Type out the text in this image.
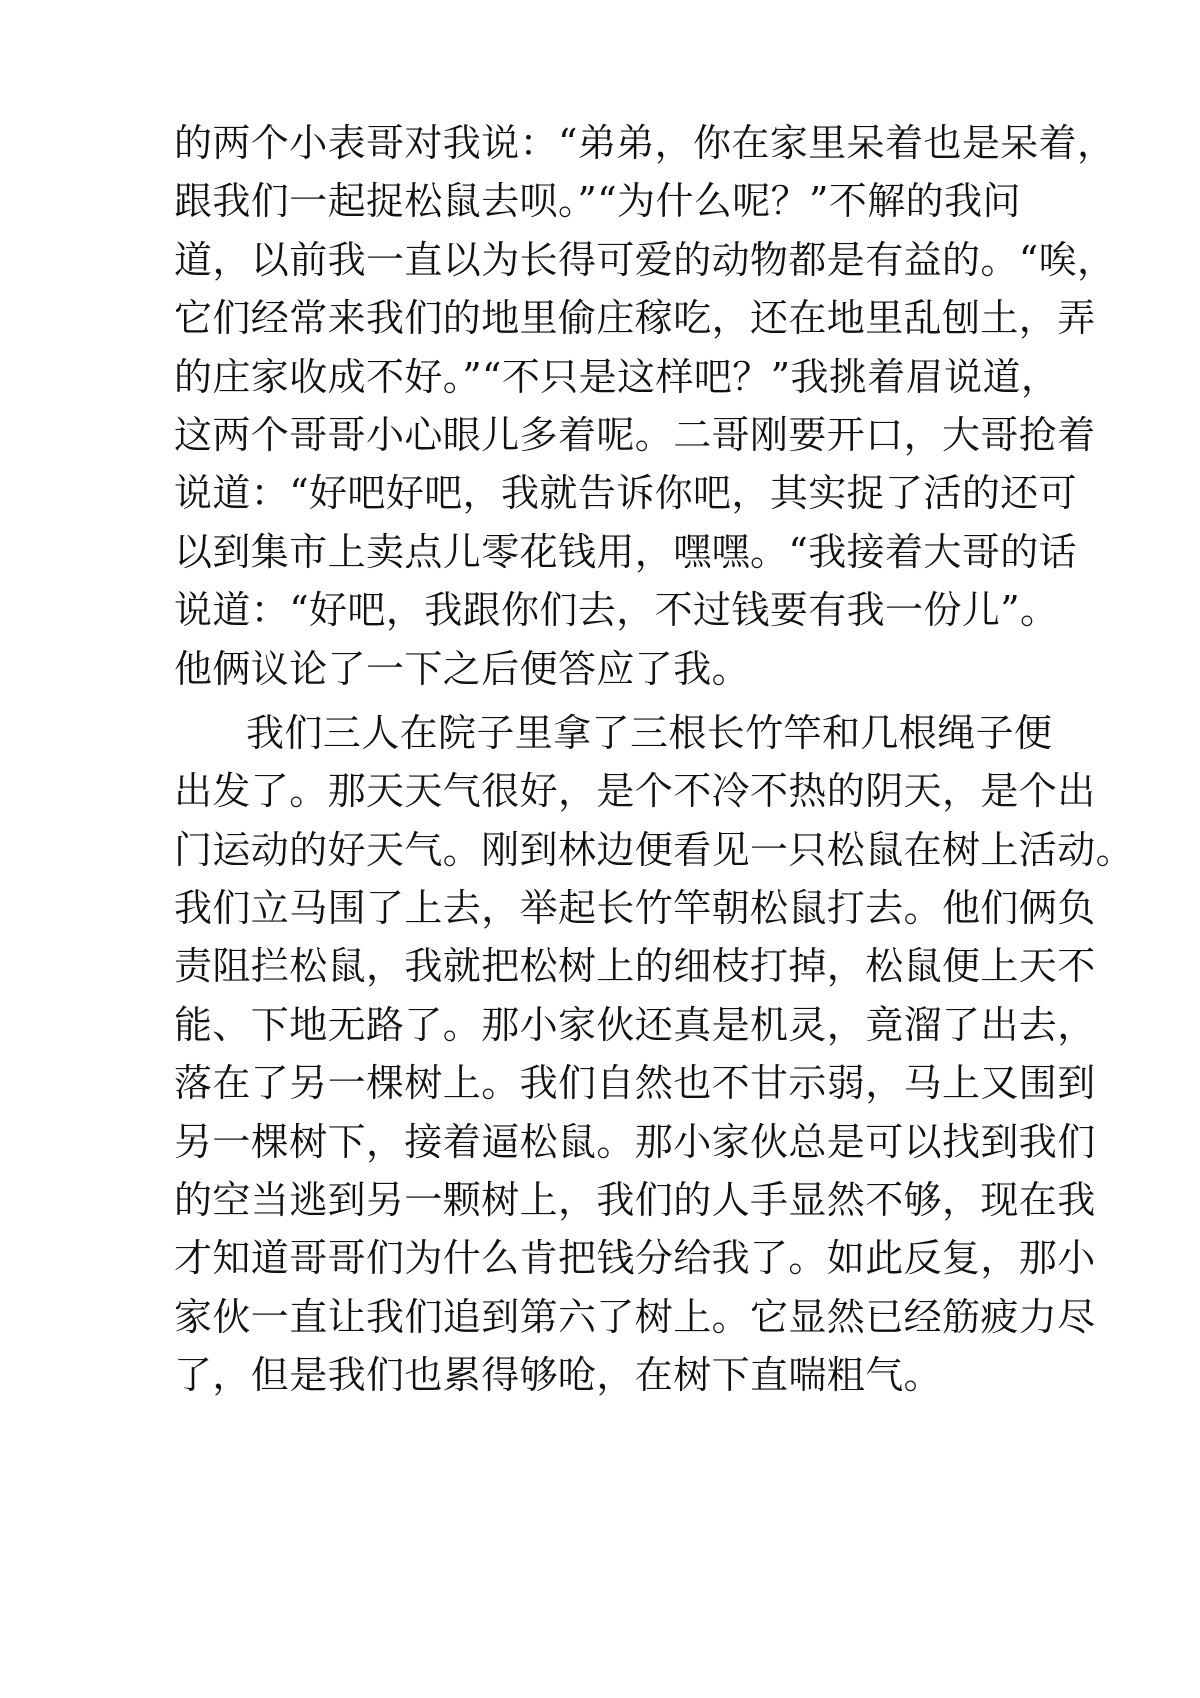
的两个小表哥对我说：“弟弟，你在家里呆着也是呆着，
跟我们一起捉松鼠去呗。”“为什么呢？”不解的我问
道，以前我一直以为长得可爱的动物都是有益的。“唉，
它们经常来我们的地里偷庄稼吃，还在地里乱刨土，弄
的庄家收成不好。”“不只是这样吧？”我挑着眉说道，
这两个哥哥小心眼儿多着呢。二哥刚要开口，大哥抢着
说道：“好吧好吧，我就告诉你吧，其实捉了活的还可
以到集市上卖点儿零花钱用，嘿嘿。“我接着大哥的话
说道：“好吧，我跟你们去，不过钱要有我一份儿”。
他俩议论了一下之后便答应了我。
我们三人在院子里拿了三根长竹竿和几根绳子便
出发了。那天天气很好，是个不冷不热的阴天，是个出
门运动的好天气。刚到林边便看见一只松鼠在树上活动。
我们立马围了上去，举起长竹竿朝松鼠打去。他们俩负
责阻拦松鼠，我就把松树上的细枝打掉，松鼠便上天不
能、下地无路了。那小家伙还真是机灵，竟溜了出去，
落在了另一棵树上。我们自然也不甘示弱，马上又围到
另一棵树下，接着逼松鼠。那小家伙总是可以找到我们
的空当逃到另一颗树上，我们的人手显然不够，现在我
才知道哥哥们为什么肯把钱分给我了。如此反复，那小
家伙一直让我们追到第六了树上。它显然已经筋疲力尽
了，但是我们也累得够呛，在树下直喘粗气。
